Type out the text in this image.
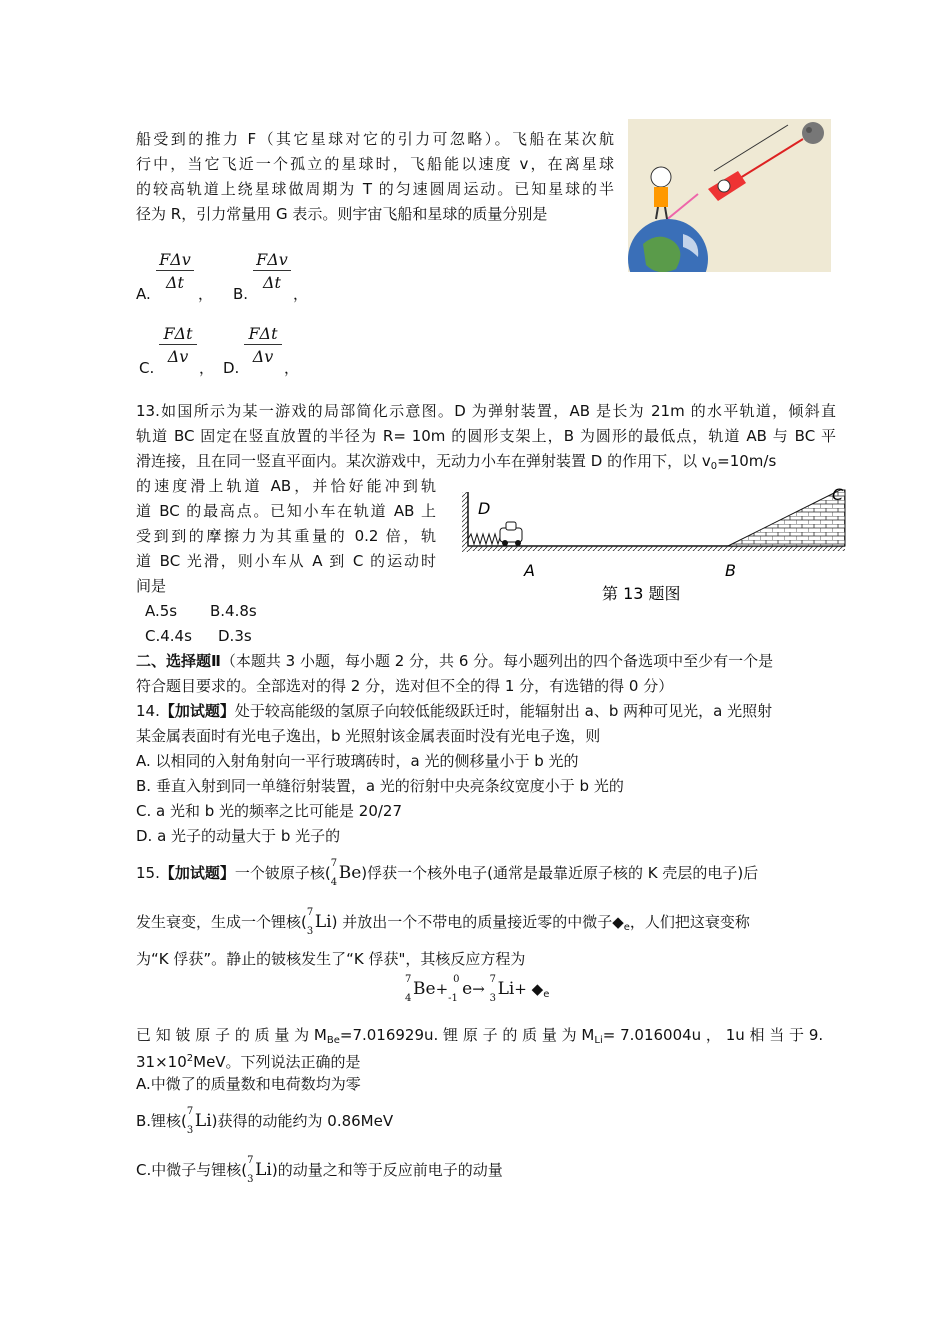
船受到的推力 F（其它星球对它的引力可忽略）。飞船在某次航
行中，当它飞近一个孤立的星球时，飞船能以速度 v，在离星球
的较高轨道上绕星球做周期为 T 的匀速圆周运动。已知星球的半
径为 R，引力常量用 G 表示。则宇宙飞船和星球的质量分别是
A.
FΔv
Δt
， B.
FΔv
Δt
，
C.
FΔt
Δv
， D.
FΔt
Δv
，
13.如国所示为某一游戏的局部简化示意图。D 为弹射装置，AB 是长为 21m 的水平轨道，倾斜直
轨道 BC 固定在竖直放置的半径为 R= 10m 的圆形支架上，B 为圆形的最低点，轨道 AB 与 BC 平
滑连接，且在同一竖直平面内。某次游戏中，无动力小车在弹射装置 D 的作用下，以 $v_0=10m/s$
的速度滑上轨道 AB，并恰好能冲到轨
道 BC 的最高点。已知小车在轨道 AB 上
受到到的摩擦力为其重量的 0.2 倍，轨
道 BC 光滑，则小车从 A 到 C 的运动时
间是
D
C
A	B
第 13 题图
A.5s B.4.8s
C.4.4s D.3s
二、选择题Ⅱ（本题共 3 小题，每小题 2 分，共 6 分。每小题列出的四个备选项中至少有一个是
符合题目要求的。全部选对的得 2 分，选对但不全的得 1 分，有选错的得 0 分）
14.【加试题】处于较高能级的氢原子向较低能级跃迁时，能辐射出 a、b 两种可见光，a 光照射
某金属表面时有光电子逸出，b 光照射该金属表面时没有光电子逸，则
A. 以相同的入射角射向一平行玻璃砖时，a 光的侧移量小于 b 光的
B. 垂直入射到同一单缝衍射装置，a 光的衍射中央亮条纹宽度小于 b 光的
C. a 光和 b 光的频率之比可能是 20/27
D. a 光子的动量大于 b 光子的
15.【加试题】一个铍原子核(
7
4 Be)俘获一个核外电子(通常是最靠近原子核的 K 壳层的电子)后
发生衰变，生成一个锂核(
7
3 Li) 并放出一个不带电的质量接近零的中微子$◆_e$，人们把这衰变称
为“K 俘获”。静止的铍核发生了“K 俘获"，其核反应方程为
7
4 Be+
0
-1 e→
7
3 $Li+ ◆_e$
已 知 铍 原 子 的 质 量 为 $M_{Be}=7.016929u$. 锂 原 子 的 质 量 为 $M_{Li}= 7.016004u$ ， 1u 相 当 于 9.
$31\times 10^2MeV$。下列说法正确的是
A.中微了的质量数和电荷数均为零
B.锂核(
7
3 Li)获得的动能约为 0.86MeV
C.中微子与锂核(
7
3 Li)的动量之和等于反应前电子的动量
